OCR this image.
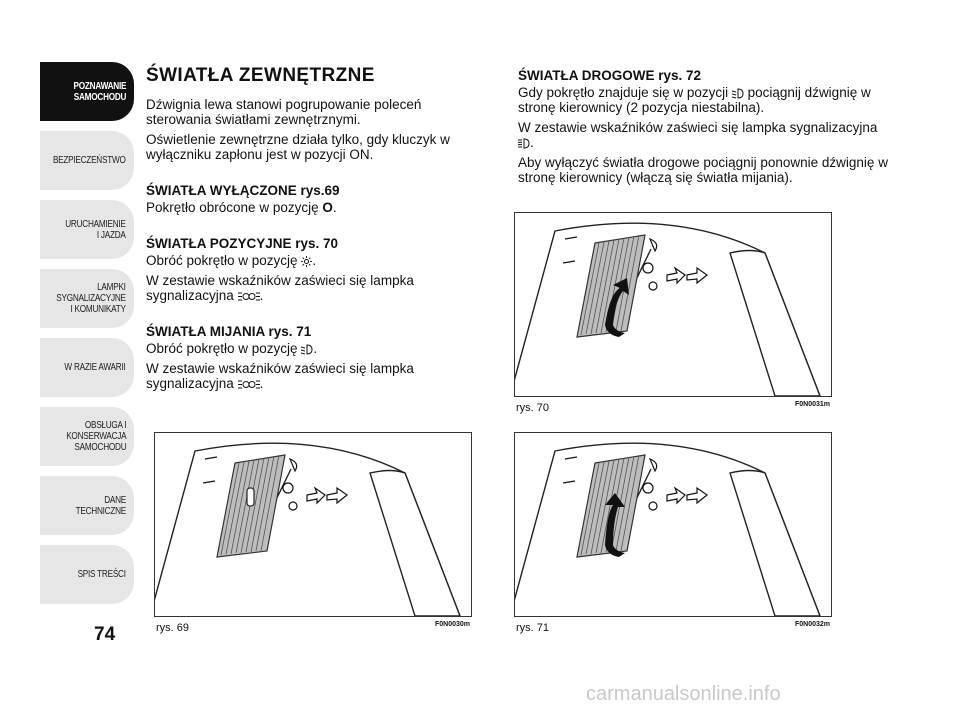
POZNAWANIE
SAMOCHODU
BEZPIECZEŃSTWO
URUCHAMIENIE
I JAZDA
LAMPKI
SYGNALIZACYJNE
I KOMUNIKATY
W RAZIE AWARII
OBSŁUGA I
KONSERWACJA
SAMOCHODU
DANE TECHNICZNE
SPIS TREŚCI
74
ŚWIATŁA ZEWNĘTRZNE

Dźwignia lewa stanowi pogrupowanie poleceń sterowania światłami zewnętrznymi.

Oświetlenie zewnętrzne działa tylko, gdy kluczyk w wyłączniku zapłonu jest w pozycji ON.

ŚWIATŁA WYŁĄCZONE rys.69

Pokrętło obrócone w pozycję O.

ŚWIATŁA POZYCYJNE rys. 70

Obróć pokrętło w pozycję .

W zestawie wskaźników zaświeci się lampka sygnalizacyjna .

ŚWIATŁA MIJANIA rys. 71

Obróć pokrętło w pozycję .

W zestawie wskaźników zaświeci się lampka sygnalizacyjna .

ŚWIATŁA DROGOWE rys. 72

Gdy pokrętło znajduje się w pozycji pociągnij dźwignię w stronę kierownicy (2 pozycja niestabilna).

W zestawie wskaźników zaświeci się lampka sygnalizacyjna
.

Aby wyłączyć światła drogowe pociągnij ponownie dźwignię w stronę kierownicy (włączą się światła mijania).

rys. 69	F0N0030m
rys. 70	F0N0031m
rys. 71	F0N0032m
carmanualsonline.info
